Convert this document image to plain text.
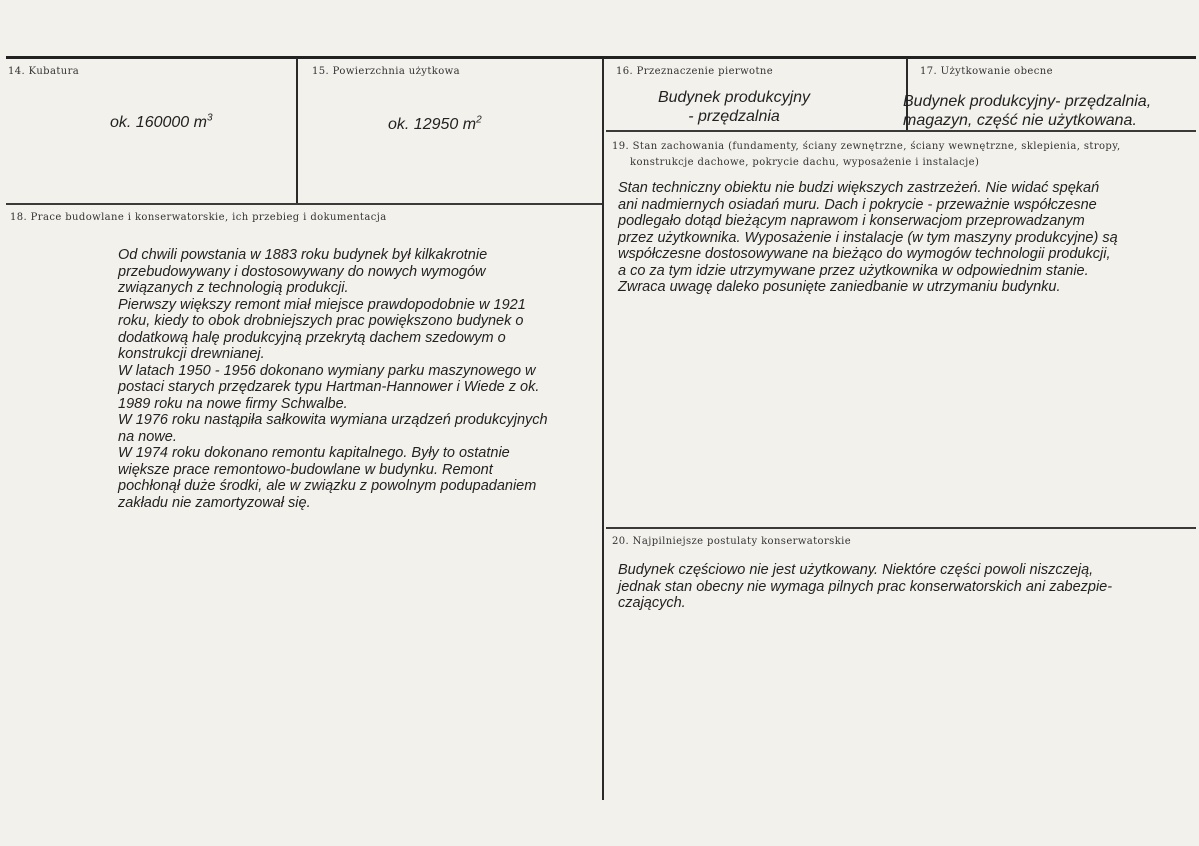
14. Kubatura
ok. 160000 $m^3$
15. Powierzchnia użytkowa
ok. 12950 $m^2$
16. Przeznaczenie pierwotne
Budynek produkcyjny
- przędzalnia
17. Użytkowanie obecne
Budynek produkcyjny- przędzalnia,
magazyn, część nie użytkowana.
19. Stan zachowania (fundamenty, ściany zewnętrzne, ściany wewnętrzne, sklepienia, stropy,
konstrukcje dachowe, pokrycie dachu, wyposażenie i instalacje)
Stan techniczny obiektu nie budzi większych zastrzeżeń. Nie widać spękań
ani nadmiernych osiadań muru. Dach i pokrycie - przeważnie współczesne
podlegało dotąd bieżącym naprawom i konserwacjom przeprowadzanym
przez użytkownika. Wyposażenie i instalacje (w tym maszyny produkcyjne) są
współczesne dostosowywane na bieżąco do wymogów technologii produkcji,
a co za tym idzie utrzymywane przez użytkownika w odpowiednim stanie.
Zwraca uwagę daleko posunięte zaniedbanie w utrzymaniu budynku.
18. Prace budowlane i konserwatorskie, ich przebieg i dokumentacja
Od chwili powstania w 1883 roku budynek był kilkakrotnie
przebudowywany i dostosowywany do nowych wymogów
związanych z technologią produkcji.
Pierwszy większy remont miał miejsce prawdopodobnie w 1921
roku, kiedy to obok drobniejszych prac powiększono budynek o
dodatkową halę produkcyjną przekrytą dachem szedowym o
konstrukcji drewnianej.
W latach 1950 - 1956 dokonano wymiany parku maszynowego w
postaci starych przędzarek typu Hartman-Hannower i Wiede z ok.
1989 roku na nowe firmy Schwalbe.
W 1976 roku nastąpiła sałkowita wymiana urządzeń produkcyjnych
na nowe.
W 1974 roku dokonano remontu kapitalnego. Były to ostatnie
większe prace remontowo-budowlane w budynku. Remont
pochłonął duże środki, ale w związku z powolnym podupadaniem
zakładu nie zamortyzował się.
20. Najpilniejsze postulaty konserwatorskie
Budynek częściowo nie jest użytkowany. Niektóre części powoli niszczeją,
jednak stan obecny nie wymaga pilnych prac konserwatorskich ani zabezpie-
czających.
